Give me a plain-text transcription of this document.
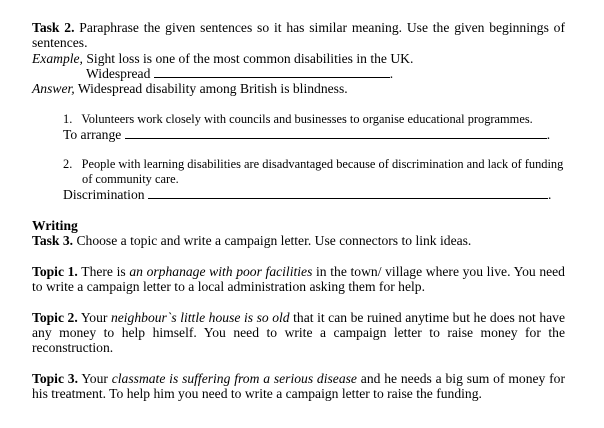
Task 2. Paraphrase the given sentences so it has similar meaning. Use the given beginnings of
sentences.
Example, Sight loss is one of the most common disabilities in the UK.
Widespread	.
Answer, Widespread disability among British is blindness.
1. Volunteers work closely with councils and businesses to organise educational programmes.
To arrange	.
2. People with learning disabilities are disadvantaged because of discrimination and lack of funding
of community care.
Discrimination	.
Writing
Task 3. Choose a topic and write a campaign letter. Use connectors to link ideas.
Topic 1. There is an orphanage with poor facilities in the town/ village where you live. You need
to write a campaign letter to a local administration asking them for help.
Topic 2. Your neighbour`s little house is so old that it can be ruined anytime but he does not have
any money to help himself. You need to write a campaign letter to raise money for the
reconstruction.
Topic 3. Your classmate is suffering from a serious disease and he needs a big sum of money for
his treatment. To help him you need to write a campaign letter to raise the funding.
